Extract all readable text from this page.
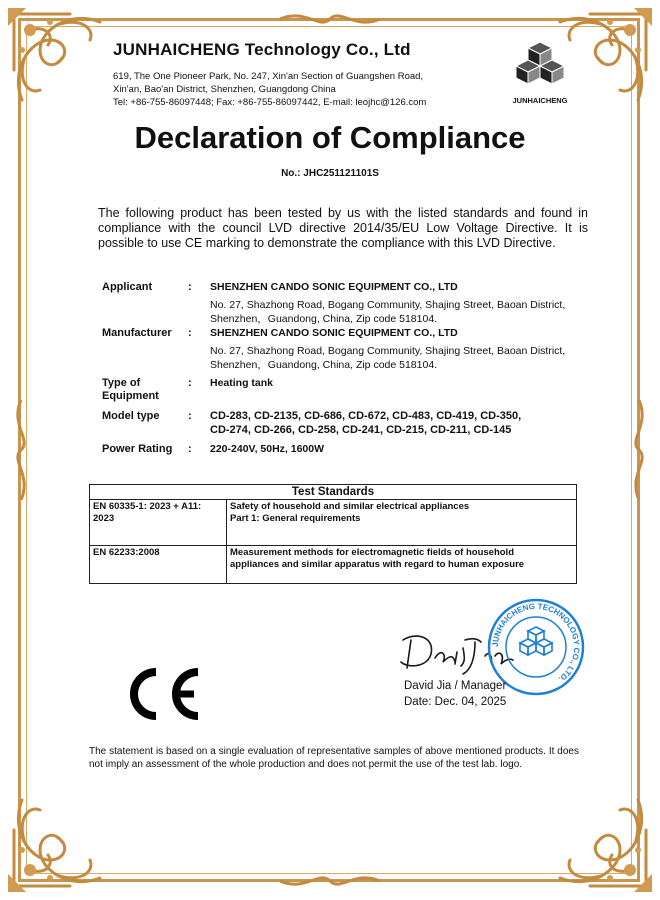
JUNHAICHENG Technology Co., Ltd
619, The One Pioneer Park, No. 247, Xin'an Section of Guangshen Road,
Xin'an, Bao'an District, Shenzhen, Guangdong China
Tel: +86-755-86097448; Fax: +86-755-86097442, E-mail: leojhc@126.com	JUNHAICHENG
Declaration of Compliance
No.: JHC251121101S
The following product has been tested by us with the listed standards and found in compliance with the council LVD directive 2014/35/EU Low Voltage Directive. It is possible to use CE marking to demonstrate the compliance with this LVD Directive.
Applicant	: SHENZHEN CANDO SONIC EQUIPMENT CO., LTD
No. 27, Shazhong Road, Bogang Community, Shajing Street, Baoan District, Shenzhen，Guandong, China, Zip code 518104.
Manufacturer : SHENZHEN CANDO SONIC EQUIPMENT CO., LTD
No. 27, Shazhong Road, Bogang Community, Shajing Street, Baoan District, Shenzhen，Guandong, China, Zip code 518104.
Type of
Equipment
: Heating tank
Model type	: CD-283, CD-2135, CD-686, CD-672, CD-483, CD-419, CD-350,
CD-274, CD-266, CD-258, CD-241, CD-215, CD-211, CD-145
Power Rating : 220-240V, 50Hz, 1600W
Test Standards	
EN 60335-1: 2023 + A11: 2023	Safety of household and similar electrical appliances
Part 1: General requirements

EN 62233:2008	Measurement methods for electromagnetic fields of household
appliances and similar apparatus with regard to human exposure
JUNHAICHENG TECHNOLOGY CO., LTD.
David Jia / Manager
Date: Dec. 04, 2025
The statement is based on a single evaluation of representative samples of above mentioned products. It does not imply an assessment of the whole production and does not permit the use of the test lab. logo.
